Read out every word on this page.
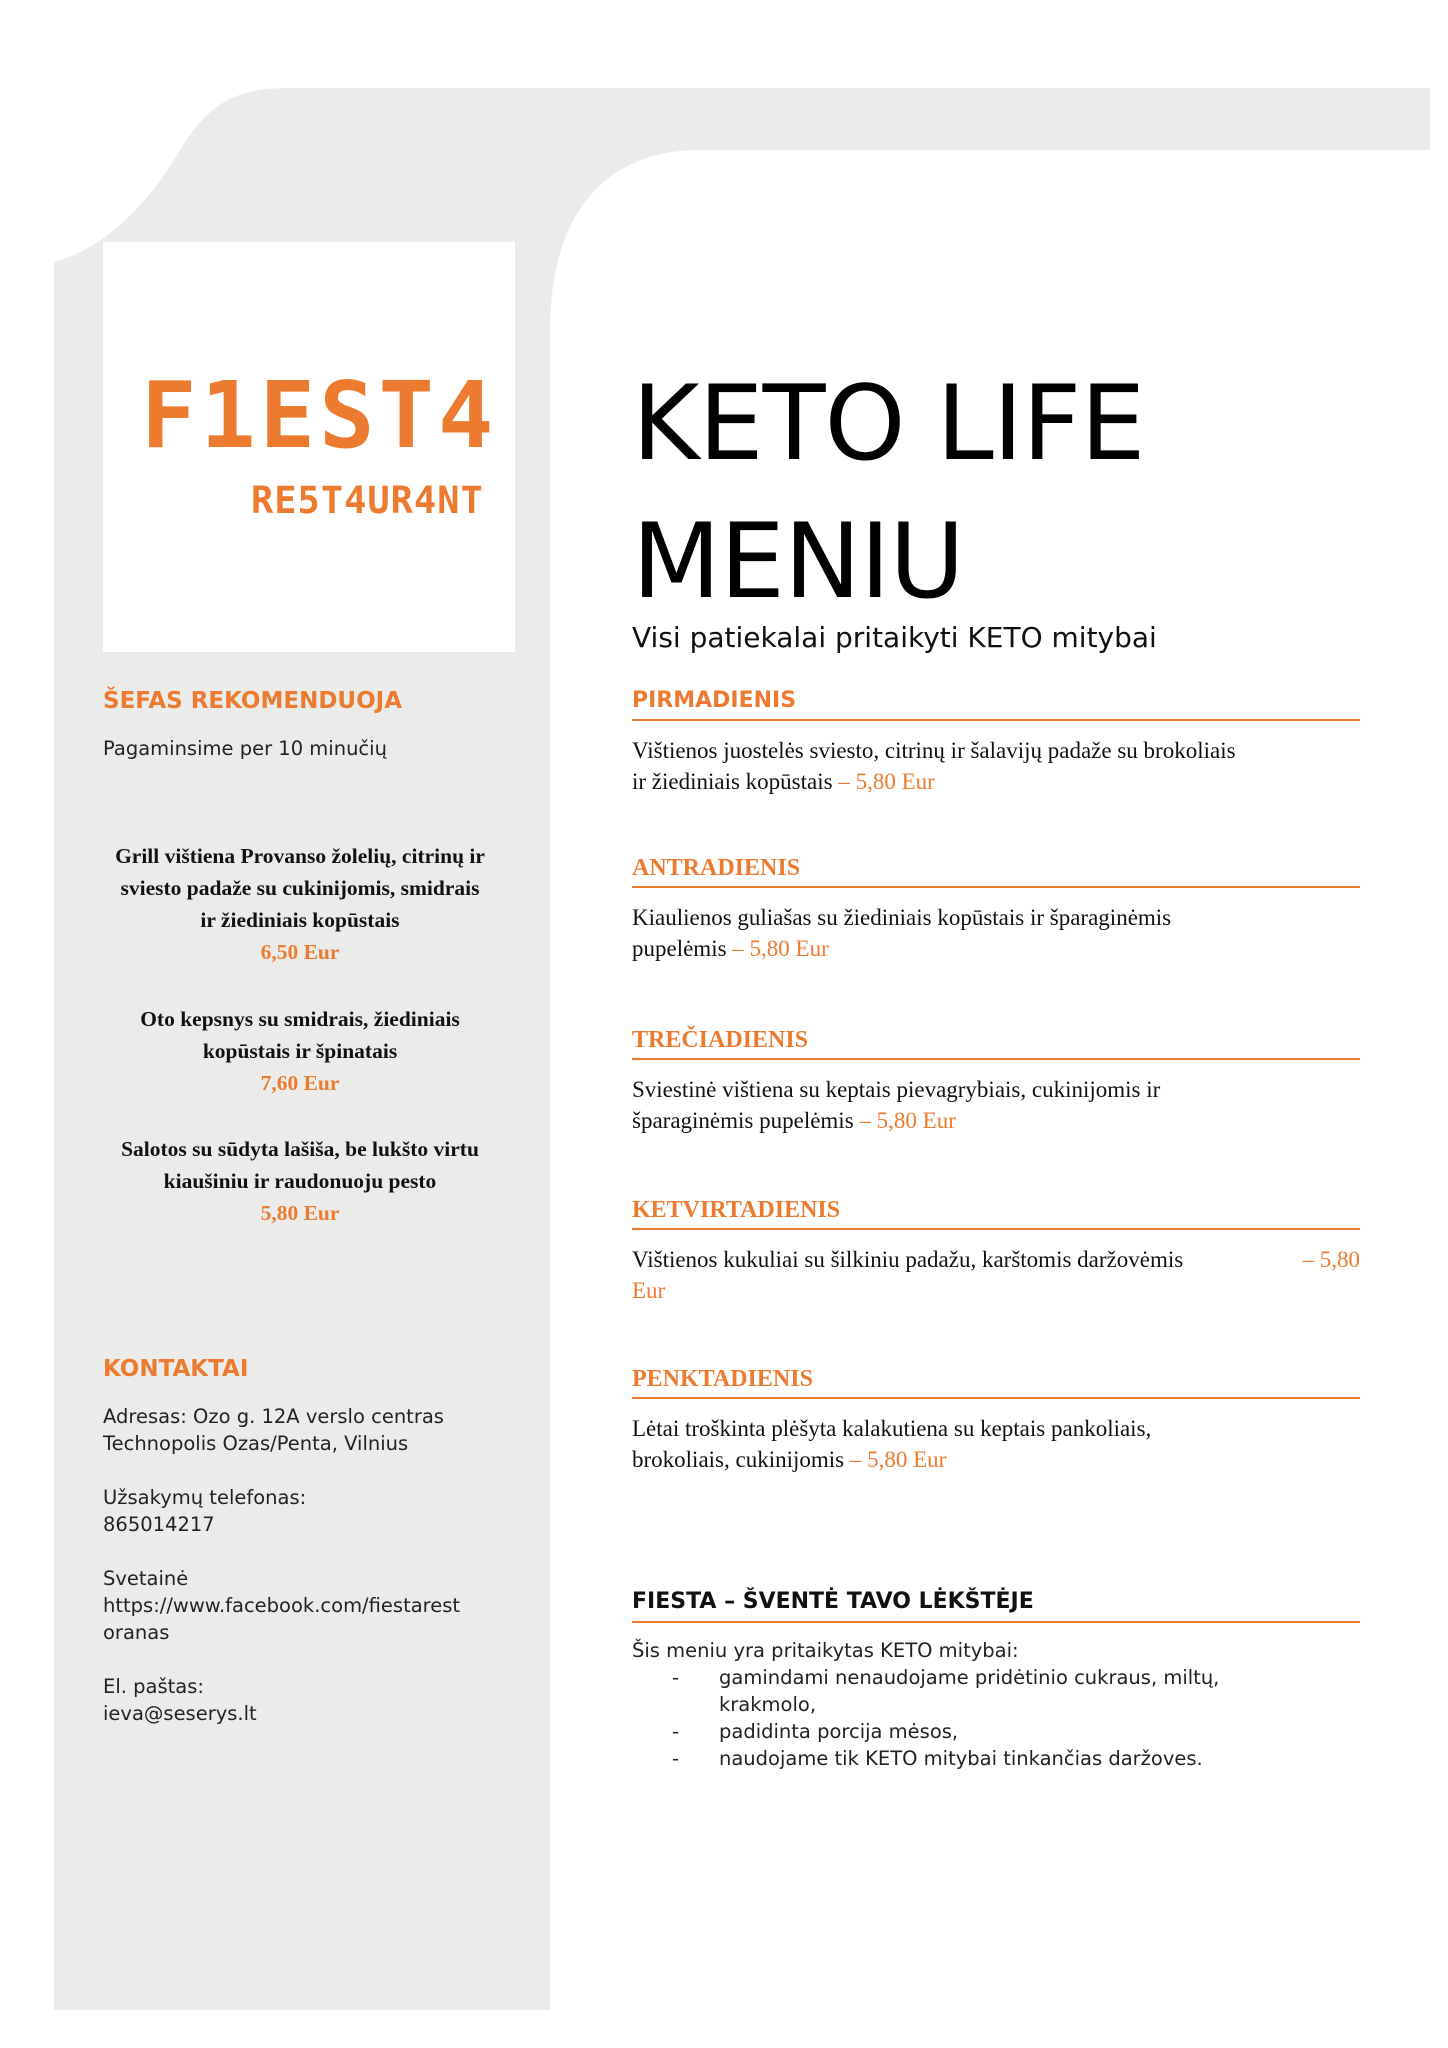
F1EST4
RE5T4UR4NT
ŠEFAS REKOMENDUOJA
Pagaminsime per 10 minučių
Grill vištiena Provanso žolelių, citrinų ir
sviesto padaže su cukinijomis, smidrais
ir žiediniais kopūstais
6,50 Eur
Oto kepsnys su smidrais, žiediniais
kopūstais ir špinatais
7,60 Eur
Salotos su sūdyta lašiša, be lukšto virtu
kiaušiniu ir raudonuoju pesto
5,80 Eur
KONTAKTAI
Adresas: Ozo g. 12A verslo centras
Technopolis Ozas/Penta, Vilnius
Užsakymų telefonas:
865014217
Svetainė
https://www.facebook.com/fiestarest
oranas
El. paštas:
ieva@seserys.lt
KETO LIFE
MENIU
Visi patiekalai pritaikyti KETO mitybai
PIRMADIENIS
Vištienos juostelės sviesto, citrinų ir šalavijų padaže su brokoliais
ir žiediniais kopūstais – 5,80 Eur
ANTRADIENIS
Kiaulienos guliašas su žiediniais kopūstais ir šparaginėmis
pupelėmis – 5,80 Eur
TREČIADIENIS
Sviestinė vištiena su keptais pievagrybiais, cukinijomis ir
šparaginėmis pupelėmis – 5,80 Eur
KETVIRTADIENIS
Vištienos kukuliai su šilkiniu padažu, karštomis daržovėmis	– 5,80
Eur
PENKTADIENIS
Lėtai troškinta plėšyta kalakutiena su keptais pankoliais,
brokoliais, cukinijomis – 5,80 Eur
FIESTA – ŠVENTĖ TAVO LĖKŠTĖJE
Šis meniu yra pritaikytas KETO mitybai:
- gamindami nenaudojame pridėtinio cukraus, miltų,
krakmolo,
- padidinta porcija mėsos,
- naudojame tik KETO mitybai tinkančias daržoves.
